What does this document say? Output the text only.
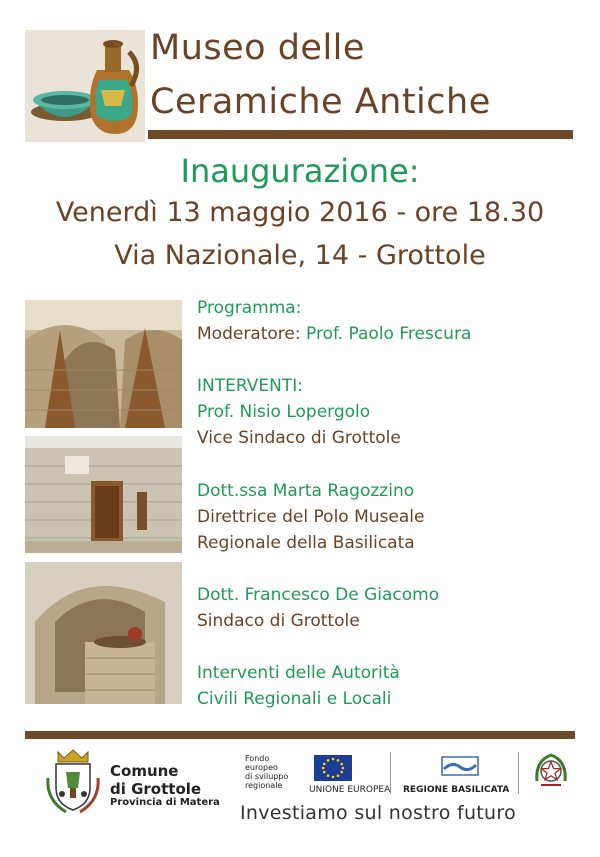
Museo delle
Ceramiche Antiche
Inaugurazione:
Venerdì 13 maggio 2016 - ore 18.30
Via Nazionale, 14 - Grottole
Programma:
Moderatore: Prof. Paolo Frescura
INTERVENTI:
Prof. Nisio Lopergolo
Vice Sindaco di Grottole
Dott.ssa Marta Ragozzino
Direttrice del Polo Museale
Regionale della Basilicata
Dott. Francesco De Giacomo
Sindaco di Grottole
Interventi delle Autorità
Civili Regionali e Locali
Comune
di Grottole
Provincia di Matera
Fondo
europeo
di sviluppo
regionale	UNIONE EUROPEA REGIONE BASILICATA
Investiamo sul nostro futuro
